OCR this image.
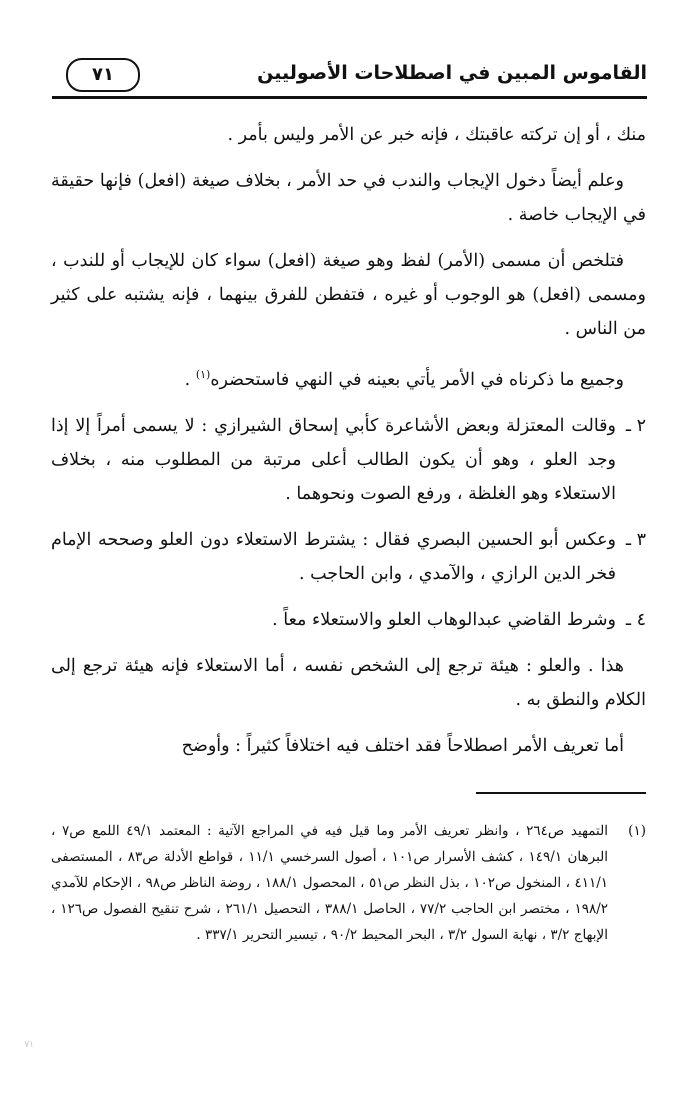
القاموس المبين في اصطلاحات الأصوليين
٧١

منك ، أو إن تركته عاقبتك ، فإنه خبر عن الأمر وليس بأمر .

وعلم أيضاً دخول الإيجاب والندب في حد الأمر ، بخلاف صيغة (افعل) فإنها حقيقة في الإيجاب خاصة .

فتلخص أن مسمى (الأمر) لفظ وهو صيغة (افعل) سواء كان للإيجاب أو للندب ، ومسمى (افعل) هو الوجوب أو غيره ، فتفطن للفرق بينهما ، فإنه يشتبه على كثير من الناس .

وجميع ما ذكرناه في الأمر يأتي بعينه في النهي فاستحضره$^{(١)}$ .

٢ ـ
وقالت المعتزلة وبعض الأشاعرة كأبي إسحاق الشيرازي : لا يسمى أمراً إلا إذا وجد العلو ، وهو أن يكون الطالب أعلى مرتبة من المطلوب منه ، بخلاف الاستعلاء وهو الغلظة ، ورفع الصوت ونحوهما .
٣ ـ
وعكس أبو الحسين البصري فقال : يشترط الاستعلاء دون العلو وصححه الإمام فخر الدين الرازي ، والآمدي ، وابن الحاجب .
٤ ـ
وشرط القاضي عبدالوهاب العلو والاستعلاء معاً .

هذا . والعلو : هيئة ترجع إلى الشخص نفسه ، أما الاستعلاء فإنه هيئة ترجع إلى الكلام والنطق به .

أما تعريف الأمر اصطلاحاً فقد اختلف فيه اختلافاً كثيراً : وأوضح

(١)
التمهيد ص٢٦٤ ، وانظر تعريف الأمر وما قيل فيه في المراجع الآتية : المعتمد ٤٩/١ اللمع ص٧ ، البرهان ١٤٩/١ ، كشف الأسرار ص١٠١ ، أصول السرخسي ١١/١ ، قواطع الأدلة ص٨٣ ، المستصفى ٤١١/١ ، المنخول ص١٠٢ ، بذل النظر ص٥١ ، المحصول ١٨٨/١ ، روضة الناظر ص٩٨ ، الإحكام للآمدي ١٩٨/٢ ، مختصر ابن الحاجب ٧٧/٢ ، الحاصل ٣٨٨/١ ، التحصيل ٢٦١/١ ، شرح تنقيح الفصول ص١٢٦ ، الإبهاج ٣/٢ ، نهاية السول ٣/٢ ، البحر المحيط ٩٠/٢ ، تيسير التحرير ٣٣٧/١ .
٧١
